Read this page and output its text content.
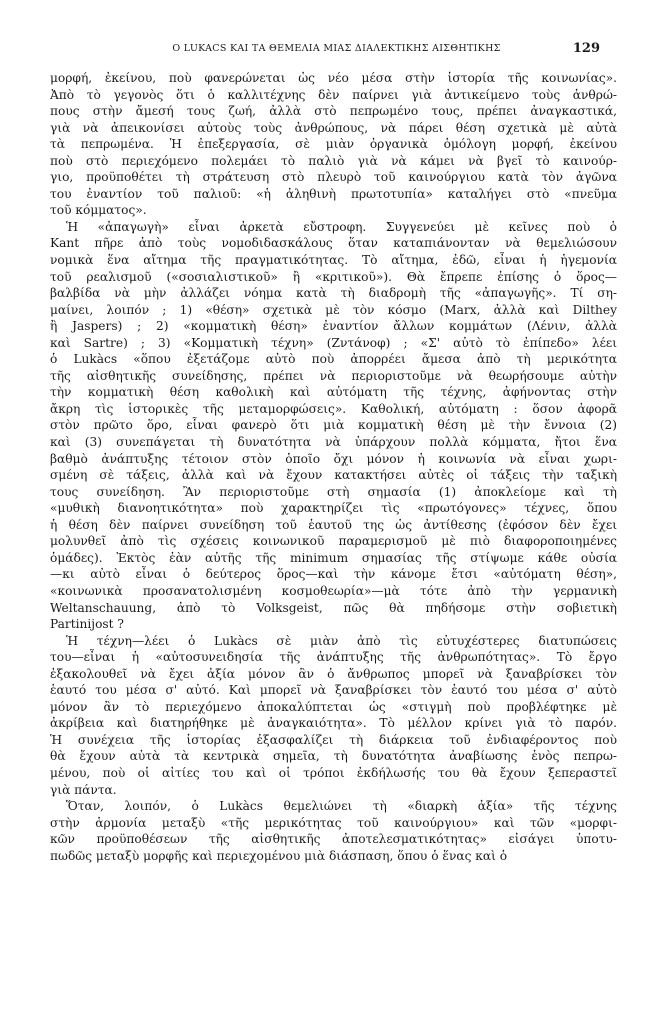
Ο LUKACS ΚΑΙ ΤΑ ΘΕΜΕΛΙΑ ΜΙΑΣ ΔΙΑΛΕΚΤΙΚΗΣ ΑΙΣΘΗΤΙΚΗΣ	129
μορφή, ἐκείνου, ποὺ φανερώνεται ὡς νέο μέσα στὴν ἱστορία τῆς κοινωνίας».
Ἀπὸ τὸ γεγονὸς ὅτι ὁ καλλιτέχνης δὲν παίρνει γιὰ ἀντικείμενο τοὺς ἀνθρώ-
πους στὴν ἄμεσή τους ζωή, ἀλλὰ στὸ πεπρωμένο τους, πρέπει ἀναγκαστικά,
γιὰ νὰ ἀπεικονίσει αὐτοὺς τοὺς ἀνθρώπους, νὰ πάρει θέση σχετικὰ μὲ αὐτὰ
τὰ πεπρωμένα. Ἡ ἐπεξεργασία, σὲ μιὰν ὀργανικὰ ὁμόλογη μορφή, ἐκείνου
ποὺ στὸ περιεχόμενο πολεμάει τὸ παλιὸ γιὰ νὰ κάμει νὰ βγεῖ τὸ καινούρ-
γιο, προϋποθέτει τὴ στράτευση στὸ πλευρὸ τοῦ καινούργιου κατὰ τὸν ἀγῶνα
του ἐναντίον τοῦ παλιοῦ: «ἡ ἀληθινὴ πρωτοτυπία» καταλήγει στὸ «πνεῦμα
τοῦ κόμματος».
Ἡ «ἀπαγωγὴ» εἶναι ἀρκετὰ εὔστροφη. Συγγενεύει μὲ κεῖνες ποὺ ὁ
Kant πῆρε ἀπὸ τοὺς νομοδιδασκάλους ὅταν καταπιάνονταν νὰ θεμελιώσουν
νομικὰ ἕνα αἴτημα τῆς πραγματικότητας. Τὸ αἴτημα, ἐδῶ, εἶναι ἡ ἡγεμονία
τοῦ ρεαλισμοῦ («σοσιαλιστικοῦ» ἢ «κριτικοῦ»). Θὰ ἔπρεπε ἐπίσης ὁ ὅρος—
βαλβίδα νὰ μὴν ἀλλάζει νόημα κατὰ τὴ διαδρομὴ τῆς «ἀπαγωγῆς». Τί ση-
μαίνει, λοιπόν ; 1) «θέση» σχετικὰ μὲ τὸν κόσμο (Marx, ἀλλὰ καὶ Dilthey
ἢ Jaspers) ; 2) «κομματικὴ θέση» ἐναντίον ἄλλων κομμάτων (Λένιν, ἀλλὰ
καὶ Sartre) ; 3) «Κομματικὴ τέχνη» (Ζντάνοφ) ; «Σ' αὐτὸ τὸ ἐπίπεδο» λέει
ὁ Lukàcs «ὅπου ἐξετάζομε αὐτὸ ποὺ ἀπορρέει ἄμεσα ἀπὸ τὴ μερικότητα
τῆς αἰσθητικῆς συνείδησης, πρέπει νὰ περιοριστοῦμε νὰ θεωρήσουμε αὐτὴν
τὴν κομματικὴ θέση καθολικὴ καὶ αὐτόματη τῆς τέχνης, ἀφήνοντας στὴν
ἄκρη τὶς ἱστορικὲς τῆς μεταμορφώσεις». Καθολική, αὐτόματη : ὅσον ἀφορᾶ
στὸν πρῶτο ὅρο, εἶναι φανερὸ ὅτι μιὰ κομματικὴ θέση μὲ τὴν ἔννοια (2)
καὶ (3) συνεπάγεται τὴ δυνατότητα νὰ ὑπάρχουν πολλὰ κόμματα, ἤτοι ἕνα
βαθμὸ ἀνάπτυξης τέτοιον στὸν ὁποῖο ὄχι μόνον ἡ κοινωνία νὰ εἶναι χωρι-
σμένη σὲ τάξεις, ἀλλὰ καὶ νὰ ἔχουν κατακτήσει αὐτὲς οἱ τάξεις τὴν ταξικὴ
τους συνείδηση. Ἂν περιοριστοῦμε στὴ σημασία (1) ἀποκλείομε καὶ τὴ
«μυθικὴ διανοητικότητα» ποὺ χαρακτηρίζει τὶς «πρωτόγονες» τέχνες, ὅπου
ἡ θέση δὲν παίρνει συνείδηση τοῦ ἑαυτοῦ της ὡς ἀντίθεσης (ἐφόσον δὲν ἔχει
μολυνθεῖ ἀπὸ τὶς σχέσεις κοινωνικοῦ παραμερισμοῦ μὲ πιὸ διαφοροποιημένες
ὁμάδες). Ἐκτὸς ἐὰν αὐτῆς τῆς minimum σημασίας τῆς στίψωμε κάθε οὐσία
—κι αὐτὸ εἶναι ὁ δεύτερος ὅρος—καὶ τὴν κάνομε ἔτσι «αὐτόματη θέση»,
«κοινωνικὰ προσανατολισμένη κοσμοθεωρία»—μὰ τότε ἀπὸ τὴν γερμανικὴ
Weltanschauung, ἀπὸ τὸ Volksgeist, πῶς θὰ πηδήσομε στὴν σοβιετικὴ
Partinijost ?
Ἡ τέχνη—λέει ὁ Lukàcs σὲ μιὰν ἀπὸ τὶς εὐτυχέστερες διατυπώσεις
του—εἶναι ἡ «αὐτοσυνειδησία τῆς ἀνάπτυξης τῆς ἀνθρωπότητας». Τὸ ἔργο
ἐξακολουθεῖ νὰ ἔχει ἀξία μόνον ἂν ὁ ἄνθρωπος μπορεῖ νὰ ξαναβρίσκει τὸν
ἑαυτό του μέσα σ' αὐτό. Καὶ μπορεῖ νὰ ξαναβρίσκει τὸν ἑαυτό του μέσα σ' αὐτὸ
μόνον ἂν τὸ περιεχόμενο ἀποκαλύπτεται ὡς «στιγμὴ ποὺ προβλέφτηκε μὲ
ἀκρίβεια καὶ διατηρήθηκε μὲ ἀναγκαιότητα». Τὸ μέλλον κρίνει γιὰ τὸ παρόν.
Ἡ συνέχεια τῆς ἱστορίας ἐξασφαλίζει τὴ διάρκεια τοῦ ἐνδιαφέροντος ποὺ
θὰ ἔχουν αὐτὰ τὰ κεντρικὰ σημεῖα, τὴ δυνατότητα ἀναβίωσης ἑνὸς πεπρω-
μένου, ποὺ οἱ αἰτίες του καὶ οἱ τρόποι ἐκδήλωσής του θὰ ἔχουν ξεπεραστεῖ
γιὰ πάντα.
Ὅταν, λοιπόν, ὁ Lukàcs θεμελιώνει τὴ «διαρκὴ ἀξία» τῆς τέχνης
στὴν ἁρμονία μεταξὺ «τῆς μερικότητας τοῦ καινούργιου» καὶ τῶν «μορφι-
κῶν προϋποθέσεων τῆς αἰσθητικῆς ἀποτελεσματικότητας» εἰσάγει ὑποτυ-
πωδῶς μεταξὺ μορφῆς καὶ περιεχομένου μιὰ διάσπαση, ὅπου ὁ ἕνας καὶ ὁ
